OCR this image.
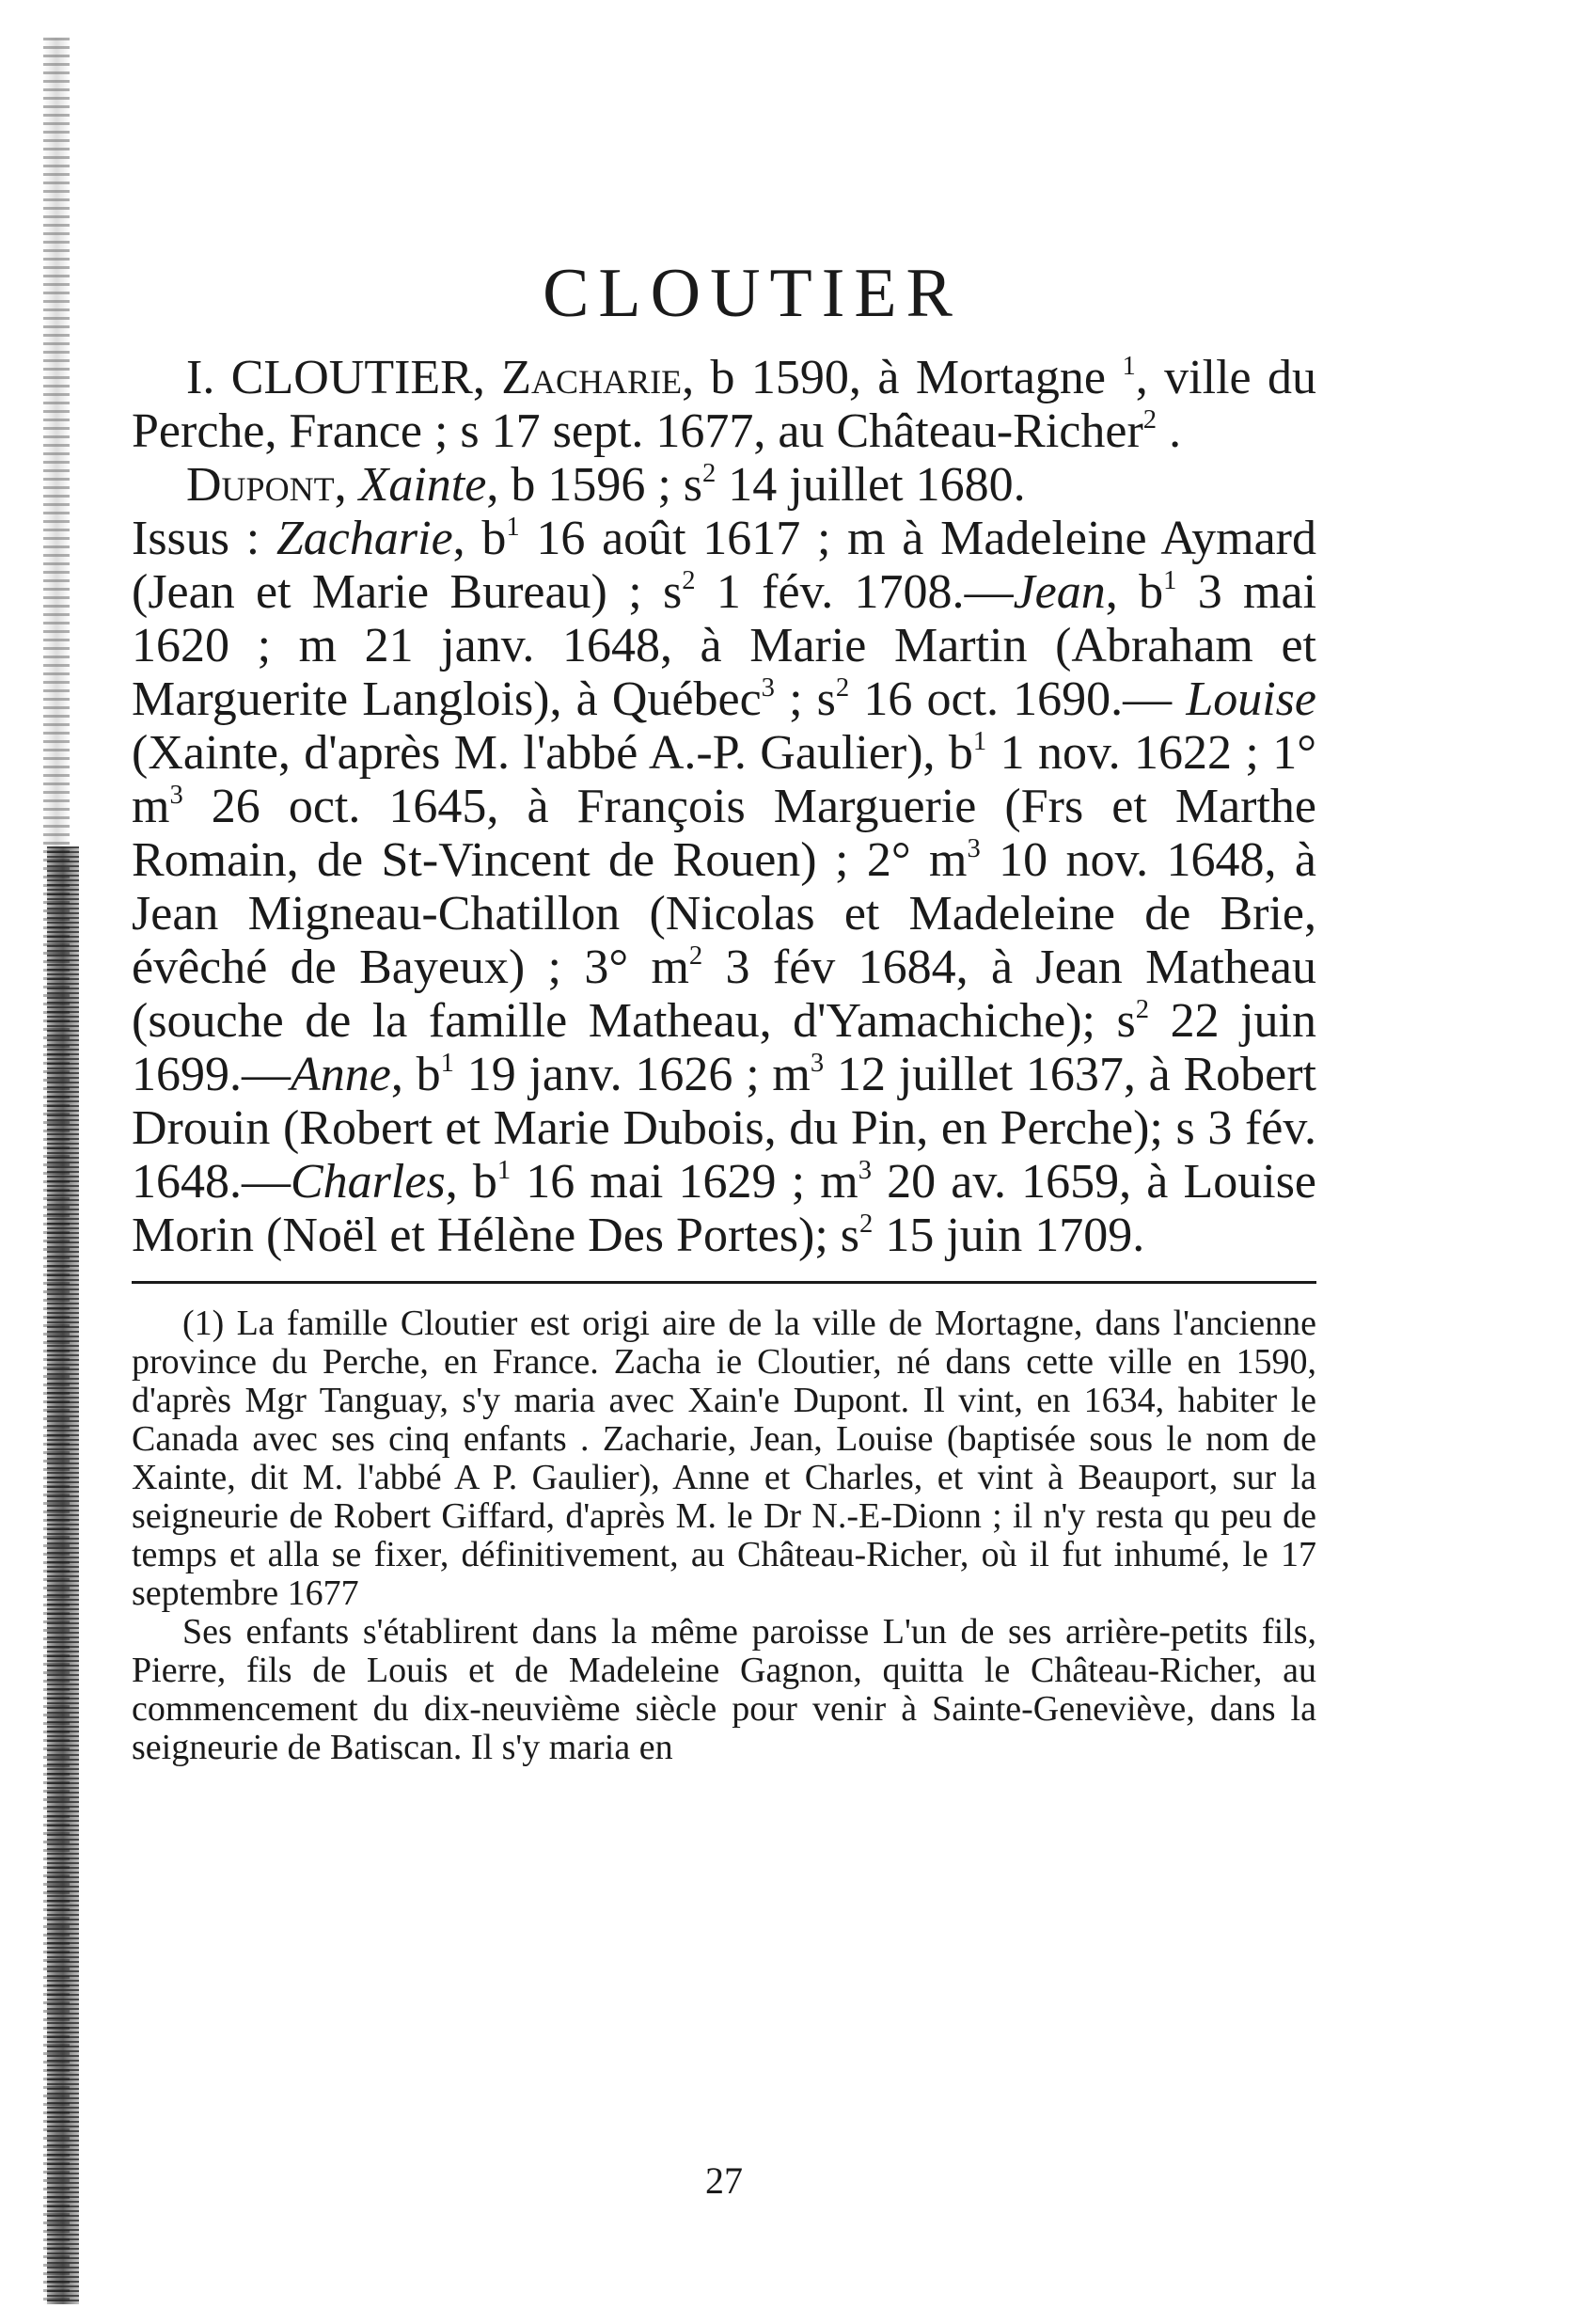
CLOUTIER

I. CLOUTIER, Zacharie, b 1590, à Mortagne $^1$, ville du Perche, France ; s 17 sept. 1677, au Château-Richer$^2$ .

Dupont, Xainte, b 1596 ; $s^2$ 14 juillet 1680.

Issus : Zacharie, $b^1$ 16 août 1617 ; m à Madeleine Aymard (Jean et Marie Bureau) ; $s^2$ 1 fév. 1708.—Jean, $b^1$ 3 mai 1620 ; m 21 janv. 1648, à Marie Martin (Abraham et Marguerite Langlois), à Québec$^3$ ; $s^2$ 16 oct. 1690.— Louise (Xainte, d'après M. l'abbé A.-P. Gaulier), $b^1$ 1 nov. 1622 ; 1° $m^3$ 26 oct. 1645, à François Marguerie (Frs et Marthe Romain, de St-Vincent de Rouen) ; 2° $m^3$ 10 nov. 1648, à Jean Migneau-Chatillon (Nicolas et Madeleine de Brie, évêché de Bayeux) ; 3° $m^2$ 3 fév 1684, à Jean Matheau (souche de la famille Matheau, d'Yamachiche); $s^2$ 22 juin 1699.—Anne, $b^1$ 19 janv. 1626 ; $m^3$ 12 juillet 1637, à Robert Drouin (Robert et Marie Dubois, du Pin, en Perche); s 3 fév. 1648.—Charles, $b^1$ 16 mai 1629 ; $m^3$ 20 av. 1659, à Louise Morin (Noël et Hélène Des Portes); $s^2$ 15 juin 1709.

(1) La famille Cloutier est origi aire de la ville de Mortagne, dans l'ancienne province du Perche, en France. Zacha ie Cloutier, né dans cette ville en 1590, d'après Mgr Tanguay, s'y maria avec Xain'e Dupont. Il vint, en 1634, habiter le Canada avec ses cinq enfants . Zacharie, Jean, Louise (baptisée sous le nom de Xainte, dit M. l'abbé A P. Gaulier), Anne et Charles, et vint à Beauport, sur la seigneurie de Robert Giffard, d'après M. le Dr N.-E-Dionn ; il n'y resta qu peu de temps et alla se fixer, définitivement, au Château-Richer, où il fut inhumé, le 17 septembre 1677

Ses enfants s'établirent dans la même paroisse L'un de ses arrière-petits fils, Pierre, fils de Louis et de Madeleine Gagnon, quitta le Château-Richer, au commencement du dix-neuvième siècle pour venir à Sainte-Geneviève, dans la seigneurie de Batiscan. Il s'y maria en

27
